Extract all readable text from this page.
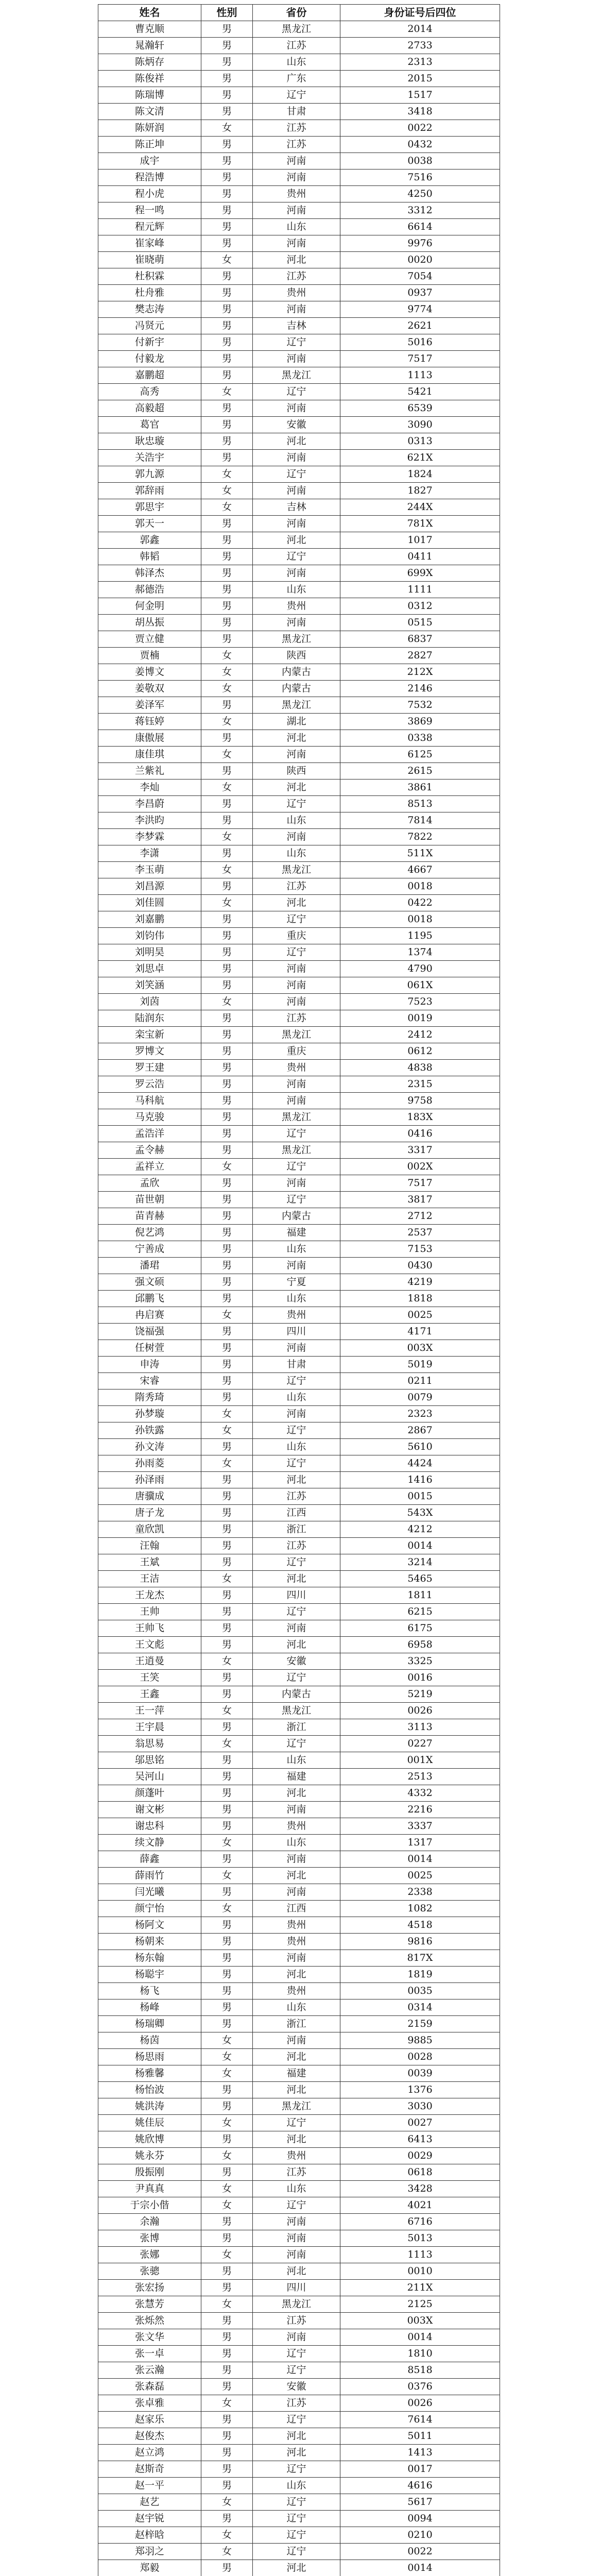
姓名	性别	省份	身份证号后四位
曹克顺	男	黑龙江	2014
晁瀚轩	男	江苏	2733
陈炳存	男	山东	2313
陈俊祥	男	广东	2015
陈瑞博	男	辽宁	1517
陈文清	男	甘肃	3418
陈妍润	女	江苏	0022
陈正坤	男	江苏	0432
成宇	男	河南	0038
程浩博	男	河南	7516
程小虎	男	贵州	4250
程一鸣	男	河南	3312
程元辉	男	山东	6614
崔家峰	男	河南	9976
崔晓萌	女	河北	0020
杜积霖	男	江苏	7054
杜舟雅	男	贵州	0937
樊志涛	男	河南	9774
冯贤元	男	吉林	2621
付新宇	男	辽宁	5016
付毅龙	男	河南	7517
嘉鹏超	男	黑龙江	1113
高秀	女	辽宁	5421
高毅超	男	河南	6539
葛官	男	安徽	3090
耿忠璇	男	河北	0313
关浩宇	男	河南	621X
郭九源	女	辽宁	1824
郭辞雨	女	河南	1827
郭思宇	女	吉林	244X
郭天一	男	河南	781X
郭鑫	男	河北	1017
韩韬	男	辽宁	0411
韩泽杰	男	河南	699X
郝德浩	男	山东	1111
何金明	男	贵州	0312
胡丛振	男	河南	0515
贾立健	男	黑龙江	6837
贾楠	女	陕西	2827
姜博文	女	内蒙古	212X
姜敬双	女	内蒙古	2146
姜泽军	男	黑龙江	7532
蒋钰婷	女	湖北	3869
康傲展	男	河北	0338
康佳琪	女	河南	6125
兰紫礼	男	陕西	2615
李灿	女	河北	3861
李昌蔚	男	辽宁	8513
李洪昀	男	山东	7814
李梦霖	女	河南	7822
李潇	男	山东	511X
李玉萌	女	黑龙江	4667
刘昌源	男	江苏	0018
刘佳圆	女	河北	0422
刘嘉鹏	男	辽宁	0018
刘钧伟	男	重庆	1195
刘明昊	男	辽宁	1374
刘思卓	男	河南	4790
刘笑涵	男	河南	061X
刘茵	女	河南	7523
陆润东	男	江苏	0019
栾宝新	男	黑龙江	2412
罗博文	男	重庆	0612
罗王建	男	贵州	4838
罗云浩	男	河南	2315
马科航	男	河南	9758
马克骏	男	黑龙江	183X
孟浩洋	男	辽宁	0416
孟令赫	男	黑龙江	3317
孟祥立	女	辽宁	002X
孟欣	男	河南	7517
苗世朝	男	辽宁	3817
苗青赫	男	内蒙古	2712
倪艺鸿	男	福建	2537
宁善成	男	山东	7153
潘珺	男	河南	0430
强文硕	男	宁夏	4219
邱鹏飞	男	山东	1818
冉启赛	女	贵州	0025
饶福强	男	四川	4171
任树萱	男	河南	003X
申涛	男	甘肃	5019
宋睿	男	辽宁	0211
隋秀琦	男	山东	0079
孙梦璇	女	河南	2323
孙铁露	女	辽宁	2867
孙文涛	男	山东	5610
孙雨菱	女	辽宁	4424
孙泽雨	男	河北	1416
唐骥成	男	江苏	0015
唐子龙	男	江西	543X
童欣凯	男	浙江	4212
汪翰	男	江苏	0014
王斌	男	辽宁	3214
王洁	女	河北	5465
王龙杰	男	四川	1811
王帅	男	辽宁	6215
王帅飞	男	河南	6175
王文彪	男	河北	6958
王逍曼	女	安徽	3325
王笑	男	辽宁	0016
王鑫	男	内蒙古	5219
王一萍	女	黑龙江	0026
王宇晨	男	浙江	3113
翁思易	女	辽宁	0227
邬思铭	男	山东	001X
吴河山	男	福建	2513
颜蓬叶	男	河北	4332
谢文彬	男	河南	2216
谢忠科	男	贵州	3337
续文静	女	山东	1317
薛鑫	男	河南	0014
薛雨竹	女	河北	0025
闫光曦	男	河南	2338
颜宁怡	女	江西	1082
杨阿文	男	贵州	4518
杨朝来	男	贵州	9816
杨东翰	男	河南	817X
杨聪宇	男	河北	1819
杨飞	男	贵州	0035
杨峰	男	山东	0314
杨瑞卿	男	浙江	2159
杨茵	女	河南	9885
杨思雨	女	河北	0028
杨雅馨	女	福建	0039
杨怡波	男	河北	1376
姚洪涛	男	黑龙江	3030
姚佳辰	女	辽宁	0027
姚欣博	男	河北	6413
姚永芬	女	贵州	0029
殷振刚	男	江苏	0618
尹真真	女	山东	3428
于宗小偕	女	辽宁	4021
余瀚	男	河南	6716
张博	男	河南	5013
张娜	女	河南	1113
张骢	男	河北	0010
张宏扬	男	四川	211X
张慧芳	女	黑龙江	2125
张烁然	男	江苏	003X
张文华	男	河南	0014
张一卓	男	辽宁	1810
张云瀚	男	辽宁	8518
张森磊	男	安徽	0376
张卓雅	女	江苏	0026
赵家乐	男	辽宁	7614
赵俊杰	男	河北	5011
赵立鸿	男	河北	1413
赵斯奇	男	辽宁	0017
赵一平	男	山东	4616
赵艺	女	辽宁	5617
赵宇锐	男	辽宁	0094
赵梓晗	女	辽宁	0210
郑羽之	女	辽宁	0022
郑毅	男	河北	0014
